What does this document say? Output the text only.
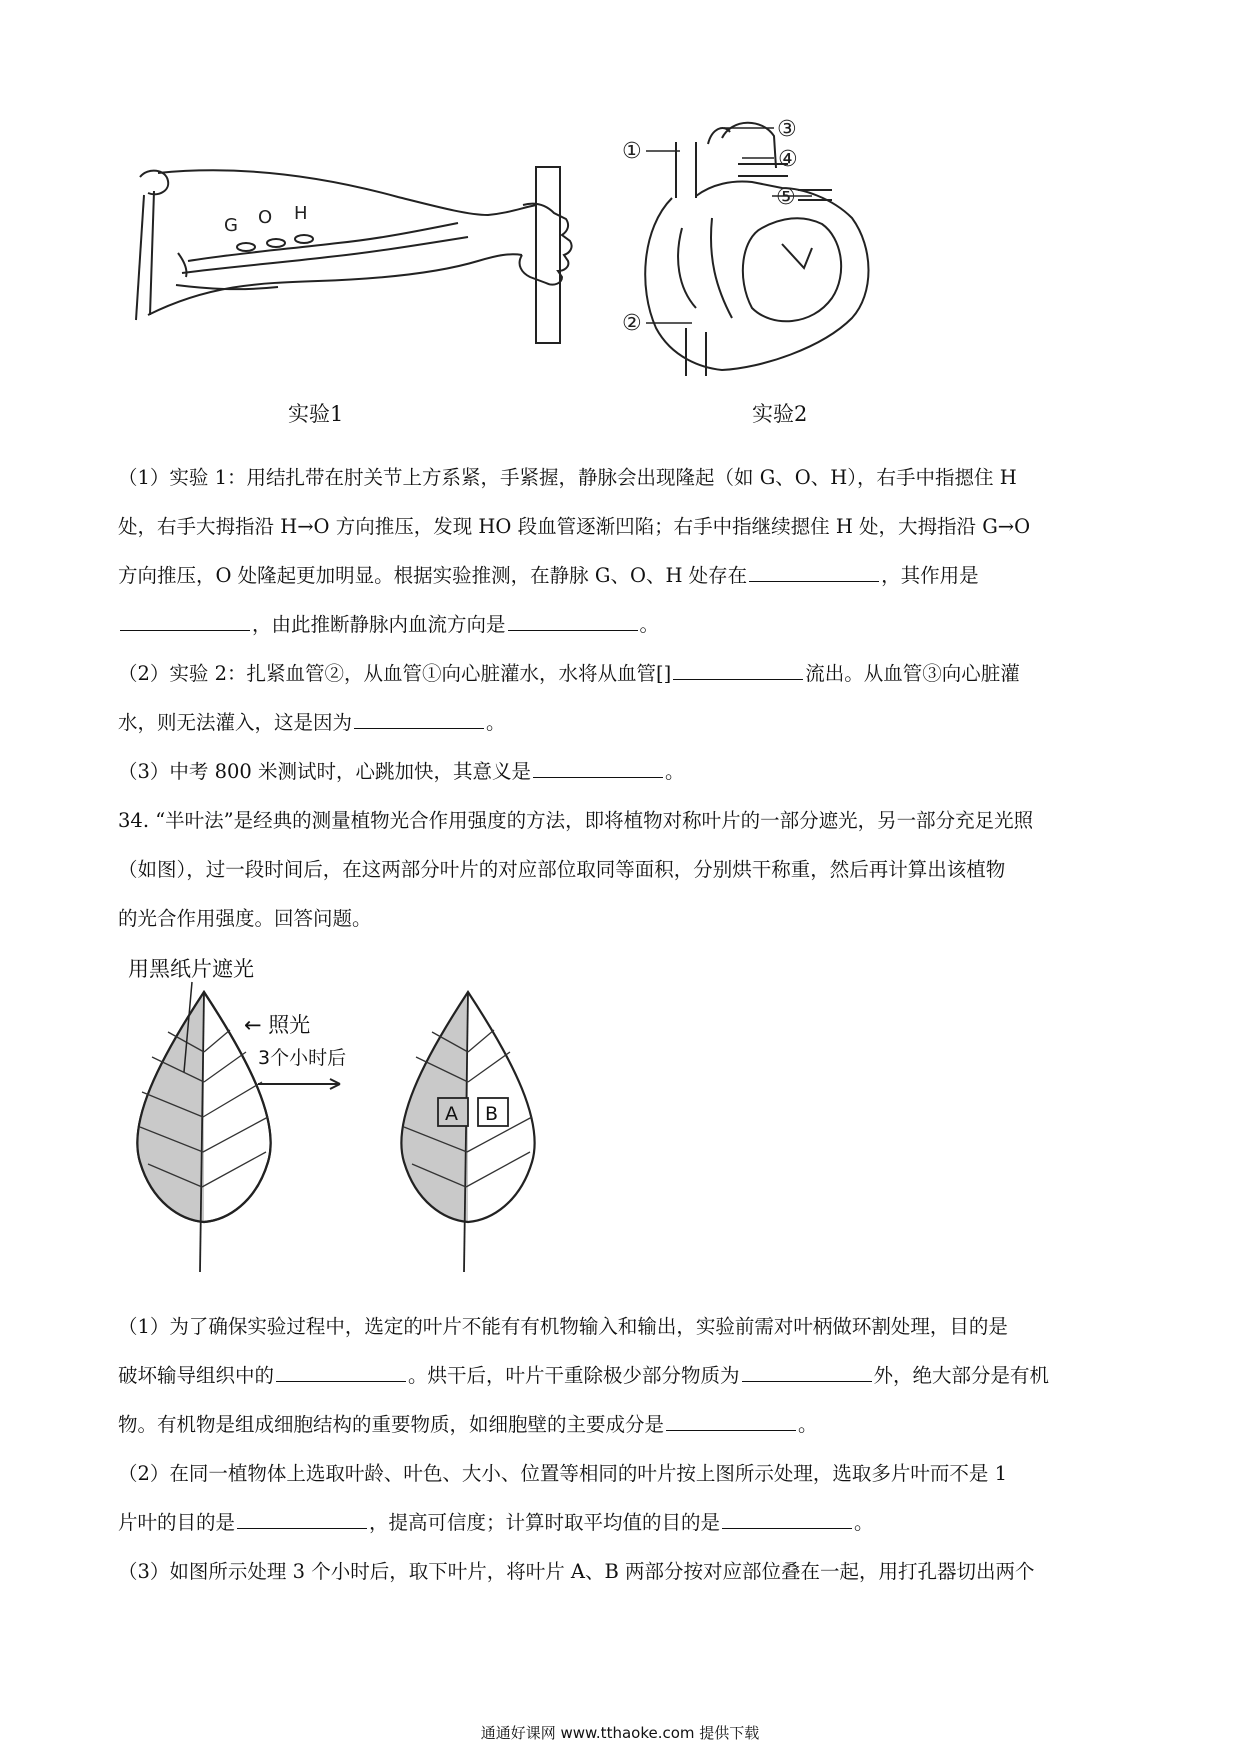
G O H
实验1
①
②
③
④
⑤
实验2
（1）实验 1：用结扎带在肘关节上方系紧，手紧握，静脉会出现隆起（如 G、O、H），右手中指摁住 H
处，右手大拇指沿 H→O 方向推压，发现 HO 段血管逐渐凹陷；右手中指继续摁住 H 处，大拇指沿 G→O
方向推压，O 处隆起更加明显。根据实验推测，在静脉 G、O、H 处存在	，其作用是
，由此推断静脉内血流方向是	。
（2）实验 2：扎紧血管②，从血管①向心脏灌水，水将从血管[]	流出。从血管③向心脏灌
水，则无法灌入，这是因为	。
（3）中考 800 米测试时，心跳加快，其意义是	。
34. “半叶法”是经典的测量植物光合作用强度的方法，即将植物对称叶片的一部分遮光，另一部分充足光照
（如图），过一段时间后，在这两部分叶片的对应部位取同等面积，分别烘干称重，然后再计算出该植物
的光合作用强度。回答问题。
用黑纸片遮光
← 照光
3个小时后
A B
（1）为了确保实验过程中，选定的叶片不能有有机物输入和输出，实验前需对叶柄做环割处理，目的是
破坏输导组织中的	。烘干后，叶片干重除极少部分物质为	外，绝大部分是有机
物。有机物是组成细胞结构的重要物质，如细胞壁的主要成分是	。
（2）在同一植物体上选取叶龄、叶色、大小、位置等相同的叶片按上图所示处理，选取多片叶而不是 1
片叶的目的是	，提高可信度；计算时取平均值的目的是	。
（3）如图所示处理 3 个小时后，取下叶片，将叶片 A、B 两部分按对应部位叠在一起，用打孔器切出两个
通通好课网 www.tthaoke.com 提供下载
